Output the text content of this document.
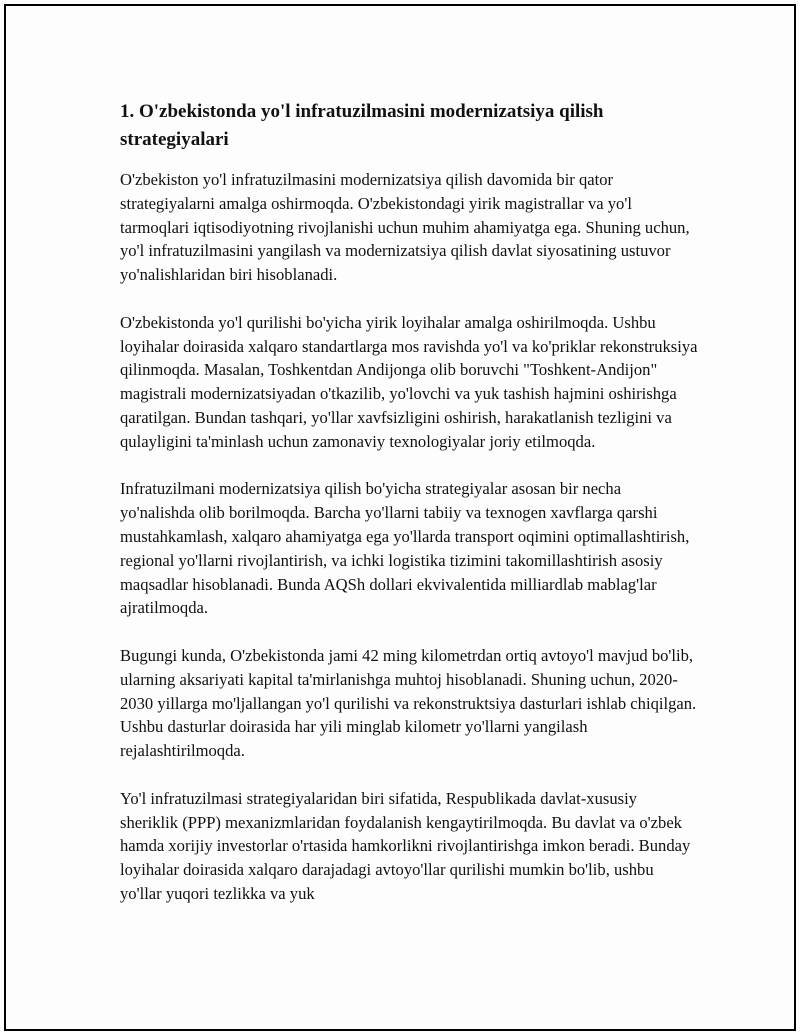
1. O'zbekistonda yo'l infratuzilmasini modernizatsiya qilish strategiyalari

O'zbekiston yo'l infratuzilmasini modernizatsiya qilish davomida bir qator strategiyalarni amalga oshirmoqda. O'zbekistondagi yirik magistrallar va yo'l tarmoqlari iqtisodiyotning rivojlanishi uchun muhim ahamiyatga ega. Shuning uchun, yo'l infratuzilmasini yangilash va modernizatsiya qilish davlat siyosatining ustuvor yo'nalishlaridan biri hisoblanadi.

O'zbekistonda yo'l qurilishi bo'yicha yirik loyihalar amalga oshirilmoqda. Ushbu loyihalar doirasida xalqaro standartlarga mos ravishda yo'l va ko'priklar rekonstruksiya qilinmoqda. Masalan, Toshkentdan Andijonga olib boruvchi "Toshkent-Andijon" magistrali modernizatsiyadan o'tkazilib, yo'lovchi va yuk tashish hajmini oshirishga qaratilgan. Bundan tashqari, yo'llar xavfsizligini oshirish, harakatlanish tezligini va qulayligini ta'minlash uchun zamonaviy texnologiyalar joriy etilmoqda.

Infratuzilmani modernizatsiya qilish bo'yicha strategiyalar asosan bir necha yo'nalishda olib borilmoqda. Barcha yo'llarni tabiiy va texnogen xavflarga qarshi mustahkamlash, xalqaro ahamiyatga ega yo'llarda transport oqimini optimallashtirish, regional yo'llarni rivojlantirish, va ichki logistika tizimini takomillashtirish asosiy maqsadlar hisoblanadi. Bunda AQSh dollari ekvivalentida milliardlab mablag'lar ajratilmoqda.

Bugungi kunda, O'zbekistonda jami 42 ming kilometrdan ortiq avtoyo'l mavjud bo'lib, ularning aksariyati kapital ta'mirlanishga muhtoj hisoblanadi. Shuning uchun, 2020-2030 yillarga mo'ljallangan yo'l qurilishi va rekonstruktsiya dasturlari ishlab chiqilgan. Ushbu dasturlar doirasida har yili minglab kilometr yo'llarni yangilash rejalashtirilmoqda.

Yo'l infratuzilmasi strategiyalaridan biri sifatida, Respublikada davlat-xususiy sheriklik (PPP) mexanizmlaridan foydalanish kengaytirilmoqda. Bu davlat va o'zbek hamda xorijiy investorlar o'rtasida hamkorlikni rivojlantirishga imkon beradi. Bunday loyihalar doirasida xalqaro darajadagi avtoyo'llar qurilishi mumkin bo'lib, ushbu yo'llar yuqori tezlikka va yuk
